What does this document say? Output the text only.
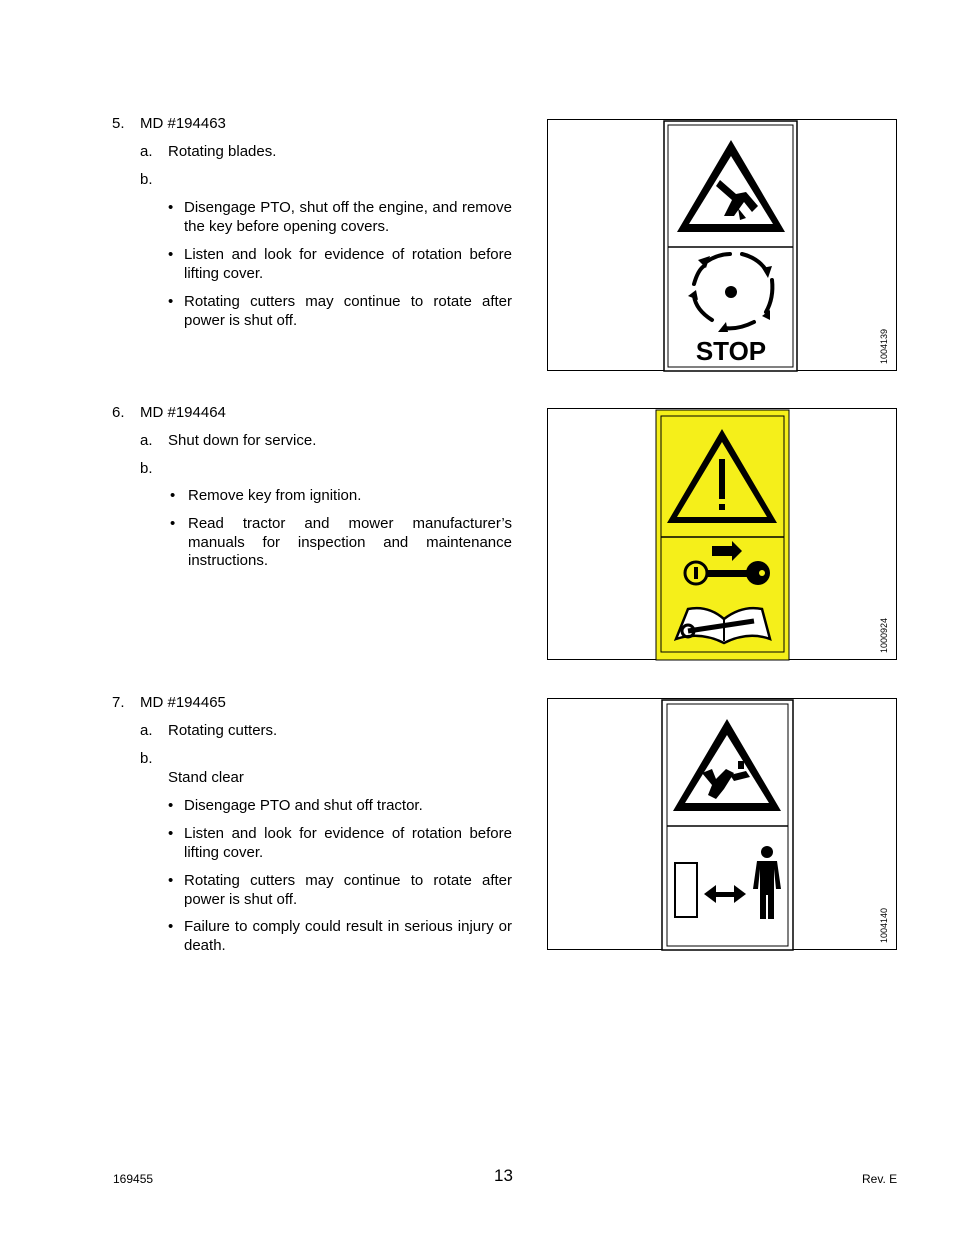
5. MD #194463
a. Rotating blades.
b.
• Disengage PTO, shut off the engine, and remove the key before opening covers.
• Listen and look for evidence of rotation before lifting cover.
• Rotating cutters may continue to rotate after power is shut off.
STOP	1004139
6. MD #194464
a. Shut down for service.
b.
• Remove key from ignition.
• Read tractor and mower manufacturer’s manuals for inspection and maintenance instructions.
1000924
7. MD #194465
a. Rotating cutters.
b.
Stand clear
• Disengage PTO and shut off tractor.
• Listen and look for evidence of rotation before lifting cover.
• Rotating cutters may continue to rotate after power is shut off.
• Failure to comply could result in serious injury or death.
1004140
169455	13	Rev. E
